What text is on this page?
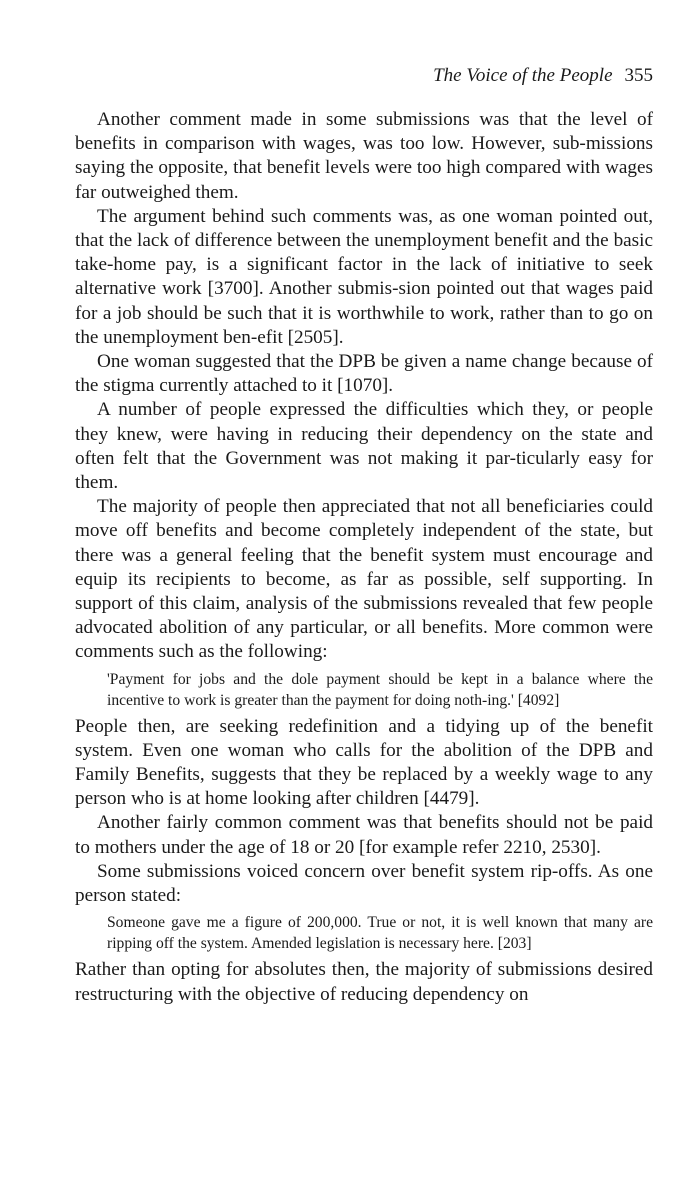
The Voice of the People 355

Another comment made in some submissions was that the level of benefits in comparison with wages, was too low. However, sub-missions saying the opposite, that benefit levels were too high compared with wages far outweighed them.

The argument behind such comments was, as one woman pointed out, that the lack of difference between the unemployment benefit and the basic take-home pay, is a significant factor in the lack of initiative to seek alternative work [3700]. Another submis-sion pointed out that wages paid for a job should be such that it is worthwhile to work, rather than to go on the unemployment ben-efit [2505].

One woman suggested that the DPB be given a name change because of the stigma currently attached to it [1070].

A number of people expressed the difficulties which they, or people they knew, were having in reducing their dependency on the state and often felt that the Government was not making it par-ticularly easy for them.

The majority of people then appreciated that not all beneficiaries could move off benefits and become completely independent of the state, but there was a general feeling that the benefit system must encourage and equip its recipients to become, as far as possible, self supporting. In support of this claim, analysis of the submissions revealed that few people advocated abolition of any particular, or all benefits. More common were comments such as the following:

'Payment for jobs and the dole payment should be kept in a balance where the incentive to work is greater than the payment for doing noth-ing.' [4092]

People then, are seeking redefinition and a tidying up of the benefit system. Even one woman who calls for the abolition of the DPB and Family Benefits, suggests that they be replaced by a weekly wage to any person who is at home looking after children [4479].

Another fairly common comment was that benefits should not be paid to mothers under the age of 18 or 20 [for example refer 2210, 2530].

Some submissions voiced concern over benefit system rip-offs. As one person stated:

Someone gave me a figure of 200,000. True or not, it is well known that many are ripping off the system. Amended legislation is necessary here. [203]

Rather than opting for absolutes then, the majority of submissions desired restructuring with the objective of reducing dependency on
